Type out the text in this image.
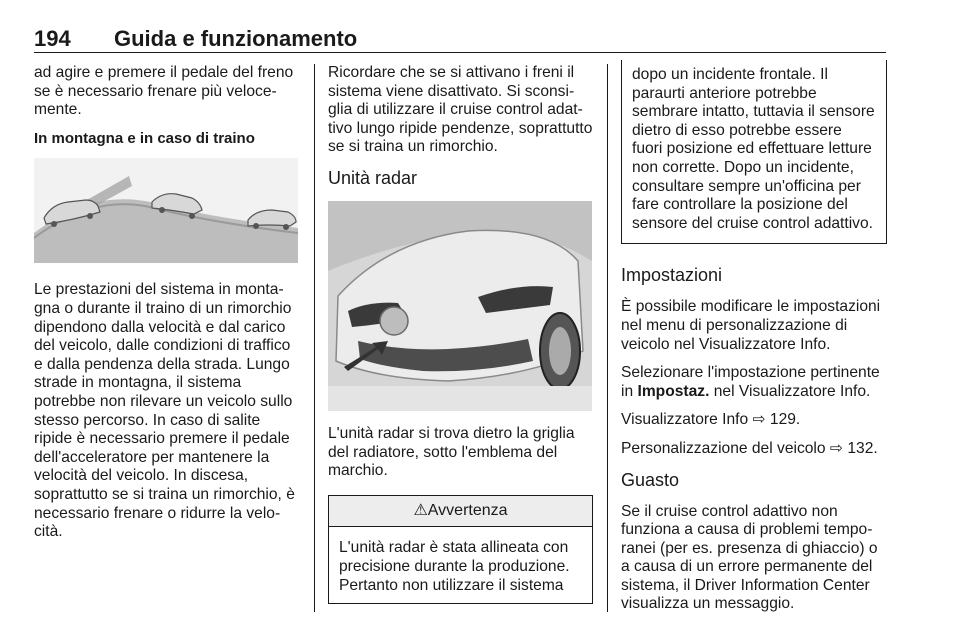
194 Guida e funzionamento

ad agire e premere il pedale del freno se è necessario frenare più velocemente.

In montagna e in caso di traino

Le prestazioni del sistema in montagna o durante il traino di un rimorchio dipendono dalla velocità e dal carico del veicolo, dalle condizioni di traffico e dalla pendenza della strada. Lungo strade in montagna, il sistema potrebbe non rilevare un veicolo sullo stesso percorso. In caso di salite ripide è necessario premere il pedale dell'acceleratore per mantenere la velocità del veicolo. In discesa, soprattutto se si traina un rimorchio, è necessario frenare o ridurre la velocità.

Ricordare che se si attivano i freni il sistema viene disattivato. Si sconsiglia di utilizzare il cruise control adattivo lungo ripide pendenze, soprattutto se si traina un rimorchio.

Unità radar

L'unità radar si trova dietro la griglia del radiatore, sotto l'emblema del marchio.

⚠Avvertenza
L'unità radar è stata allineata con precisione durante la produzione. Pertanto non utilizzare il sistema
dopo un incidente frontale. Il paraurti anteriore potrebbe sembrare intatto, tuttavia il sensore dietro di esso potrebbe essere fuori posizione ed effettuare letture non corrette. Dopo un incidente, consultare sempre un'officina per fare controllare la posizione del sensore del cruise control adattivo.
Impostazioni

È possibile modificare le impostazioni nel menu di personalizzazione di veicolo nel Visualizzatore Info.

Selezionare l'impostazione pertinente in Impostaz. nel Visualizzatore Info.

Visualizzatore Info ⇨ 129.

Personalizzazione del veicolo ⇨ 132.

Guasto

Se il cruise control adattivo non funziona a causa di problemi temporanei (per es. presenza di ghiaccio) o a causa di un errore permanente del sistema, il Driver Information Center visualizza un messaggio.
